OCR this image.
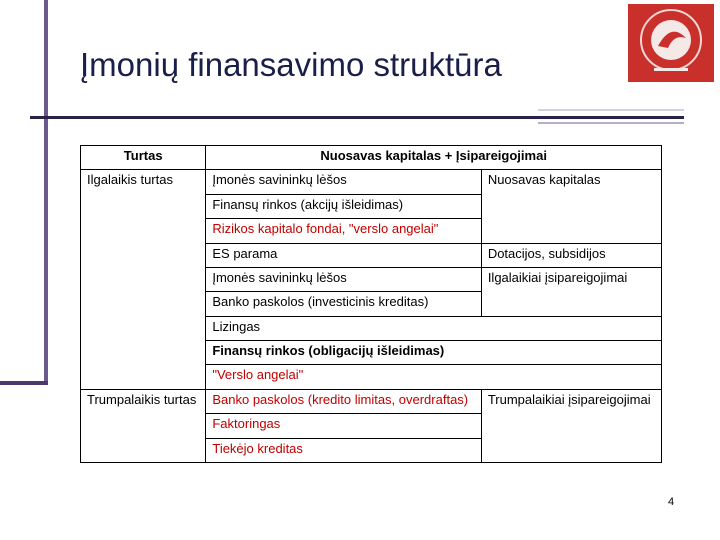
Įmonių finansavimo struktūra
Turtas	Nuosavas kapitalas + Įsipareigojimai	
Ilgalaikis turtas	Įmonės savininkų lėšos	Nuosavas kapitalas
	Finansų rinkos (akcijų išleidimas)	
	Rizikos kapitalo fondai, "verslo angelai"	
	ES parama	Dotacijos, subsidijos
	Įmonės savininkų lėšos	Ilgalaikiai įsipareigojimai
	Banko paskolos (investicinis kreditas)	
	Lizingas	
	Finansų rinkos (obligacijų išleidimas)	
	"Verslo angelai"	
Trumpalaikis turtas	Banko paskolos (kredito limitas, overdraftas)	Trumpalaikiai įsipareigojimai
	Faktoringas	
	Tiekėjo kreditas	
4
